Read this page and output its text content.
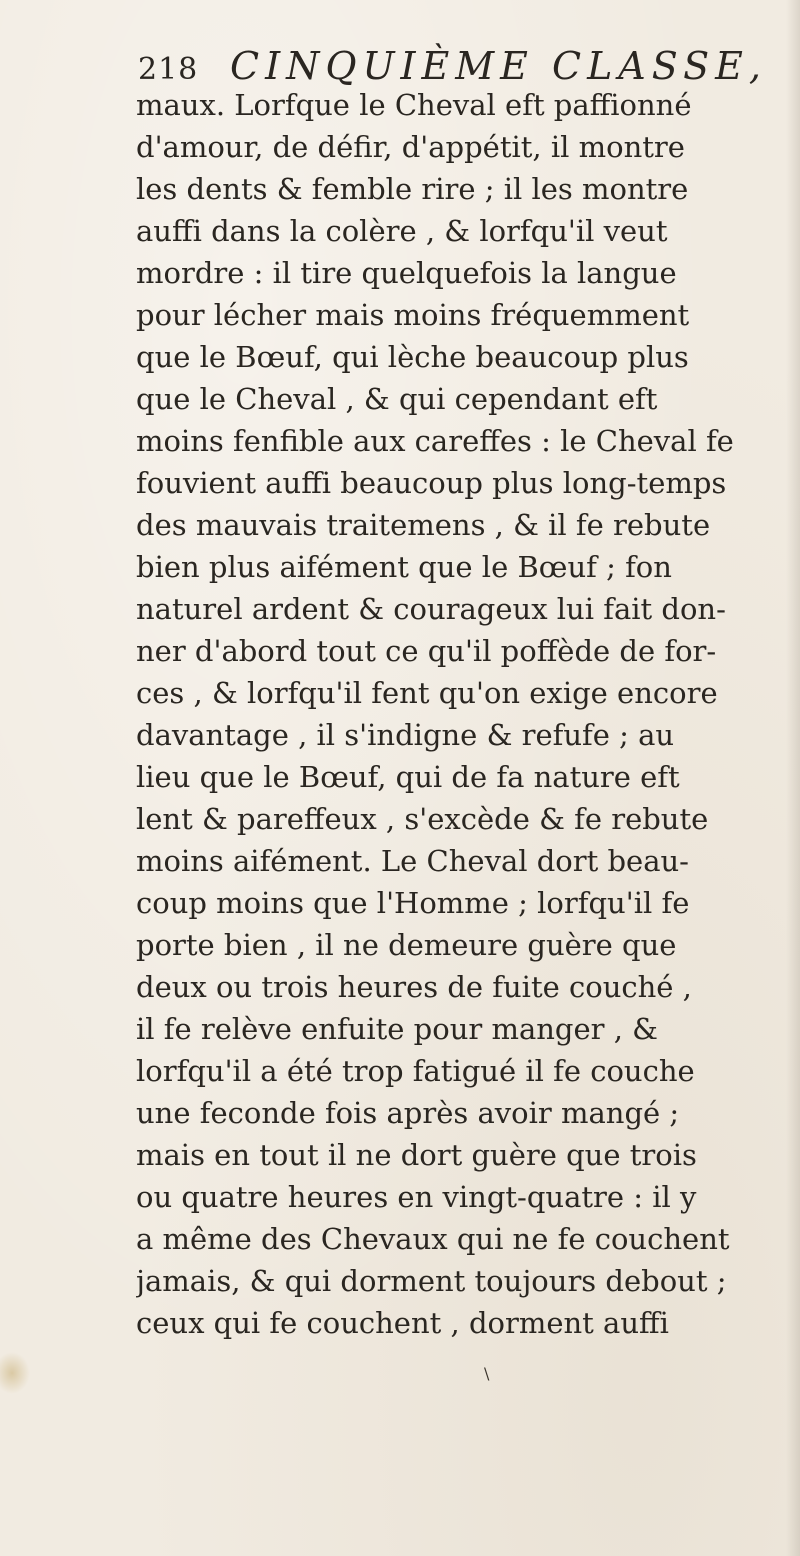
218 CINQUIÈME CLASSE,
maux. Lorfque le Cheval eft paffionné
d'amour, de défir, d'appétit, il montre
les dents & femble rire ; il les montre
auffi dans la colère , & lorfqu'il veut
mordre : il tire quelquefois la langue
pour lécher mais moins fréquemment
que le Bœuf, qui lèche beaucoup plus
que le Cheval , & qui cependant eft
moins fenfible aux careffes : le Cheval fe
fouvient auffi beaucoup plus long-temps
des mauvais traitemens , & il fe rebute
bien plus aifément que le Bœuf ; fon
naturel ardent & courageux lui fait don-
ner d'abord tout ce qu'il poffède de for-
ces , & lorfqu'il fent qu'on exige encore
davantage , il s'indigne & refufe ; au
lieu que le Bœuf, qui de fa nature eft
lent & pareffeux , s'excède & fe rebute
moins aifément. Le Cheval dort beau-
coup moins que l'Homme ; lorfqu'il fe
porte bien , il ne demeure guère que
deux ou trois heures de fuite couché ,
il fe relève enfuite pour manger , &
lorfqu'il a été trop fatigué il fe couche
une feconde fois après avoir mangé ;
mais en tout il ne dort guère que trois
ou quatre heures en vingt-quatre : il y
a même des Chevaux qui ne fe couchent
jamais, & qui dorment toujours debout ;
ceux qui fe couchent , dorment auffi
\
